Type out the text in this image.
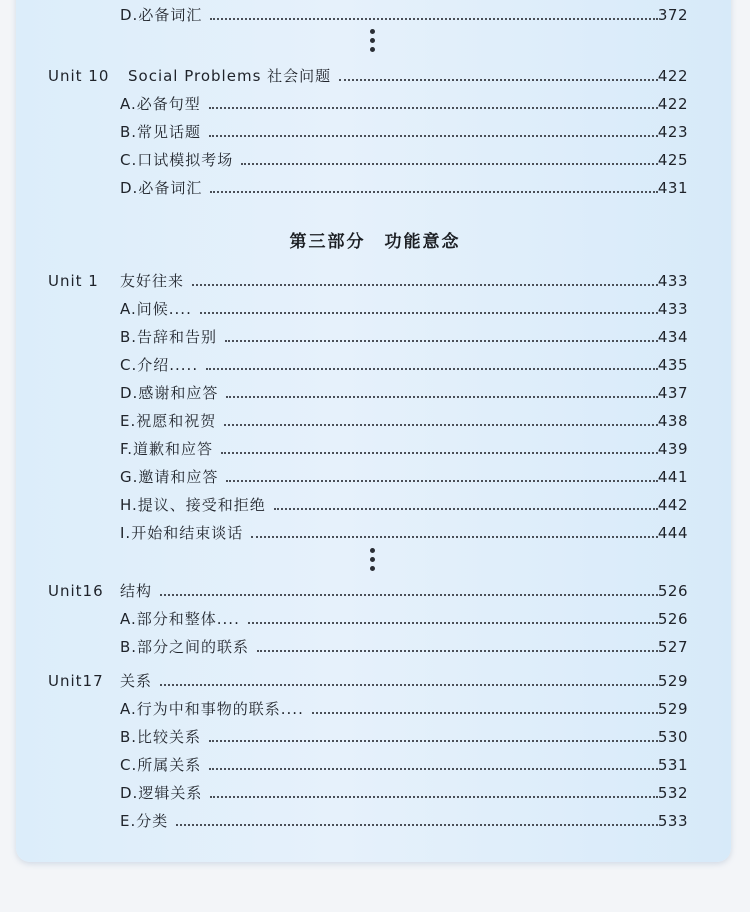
D.必备词汇	372
Unit 10 Social Problems 社会问题	422
A.必备句型	422
B.常见话题	423
C.口试模拟考场	425
D.必备词汇	431
第三部分　功能意念
Unit 1 友好往来	433
A.问候....	433
B.告辞和告别	434
C.介绍.....	435
D.感谢和应答	437
E.祝愿和祝贺	438
F.道歉和应答	439
G.邀请和应答	441
H.提议、接受和拒绝	442
I.开始和结束谈话	444
Unit16 结构	526
A.部分和整体....	526
B.部分之间的联系	527
Unit17 关系	529
A.行为中和事物的联系....	529
B.比较关系	530
C.所属关系	531
D.逻辑关系	532
E.分类	533
